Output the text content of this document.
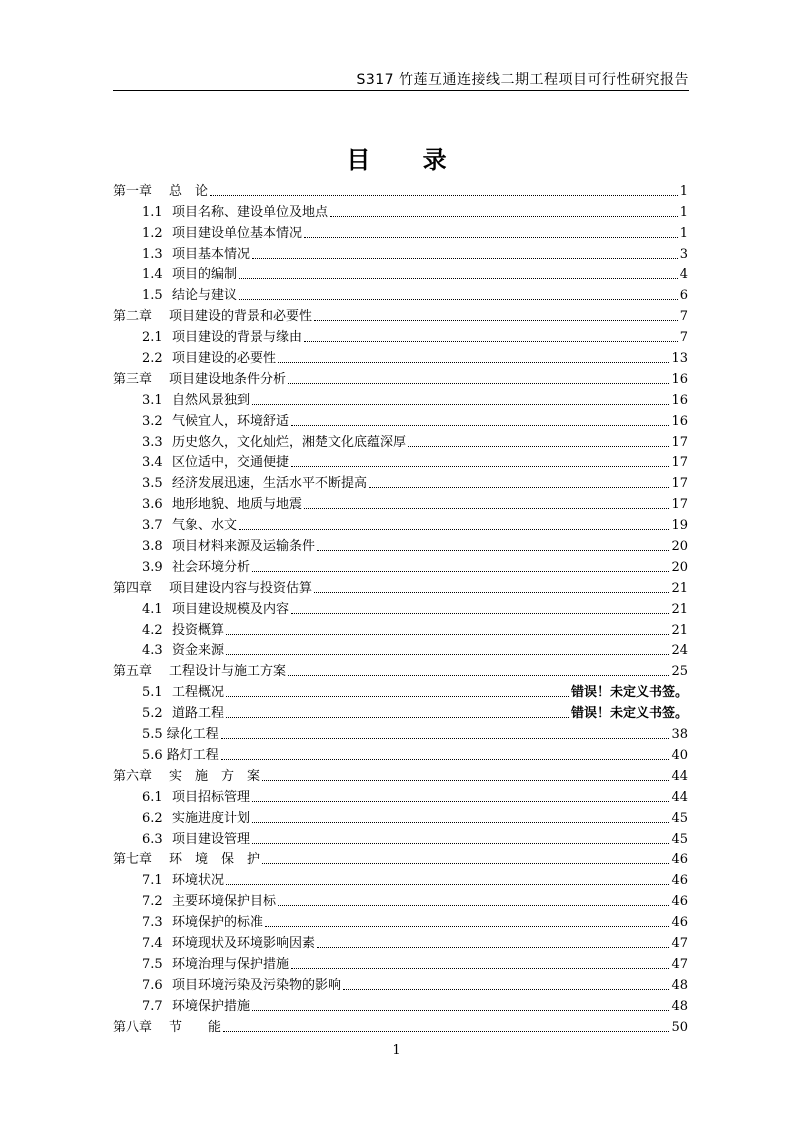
S317 竹莲互通连接线二期工程项目可行性研究报告
目 录
第一章	总　论	1
1.1 项目名称、建设单位及地点	1
1.2 项目建设单位基本情况	1
1.3 项目基本情况	3
1.4 项目的编制	4
1.5 结论与建议	6
第二章	项目建设的背景和必要性	7
2.1 项目建设的背景与缘由	7
2.2 项目建设的必要性	13
第三章	项目建设地条件分析	16
3.1 自然风景独到	16
3.2 气候宜人，环境舒适	16
3.3 历史悠久，文化灿烂，湘楚文化底蕴深厚	17
3.4 区位适中，交通便捷	17
3.5 经济发展迅速，生活水平不断提高	17
3.6 地形地貌、地质与地震	17
3.7 气象、水文	19
3.8 项目材料来源及运输条件	20
3.9 社会环境分析	20
第四章	项目建设内容与投资估算	21
4.1 项目建设规模及内容	21
4.2 投资概算	21
4.3 资金来源	24
第五章	工程设计与施工方案	25
5.1 工程概况	错误！未定义书签。
5.2 道路工程	错误！未定义书签。
5.5 绿化工程	38
5.6 路灯工程	40
第六章	实　施　方　案	44
6.1 项目招标管理	44
6.2 实施进度计划	45
6.3 项目建设管理	45
第七章	环　境　保　护	46
7.1 环境状况	46
7.2 主要环境保护目标	46
7.3 环境保护的标准	46
7.4 环境现状及环境影响因素	47
7.5 环境治理与保护措施	47
7.6 项目环境污染及污染物的影响	48
7.7 环境保护措施	48
第八章	节　　能	50
1
